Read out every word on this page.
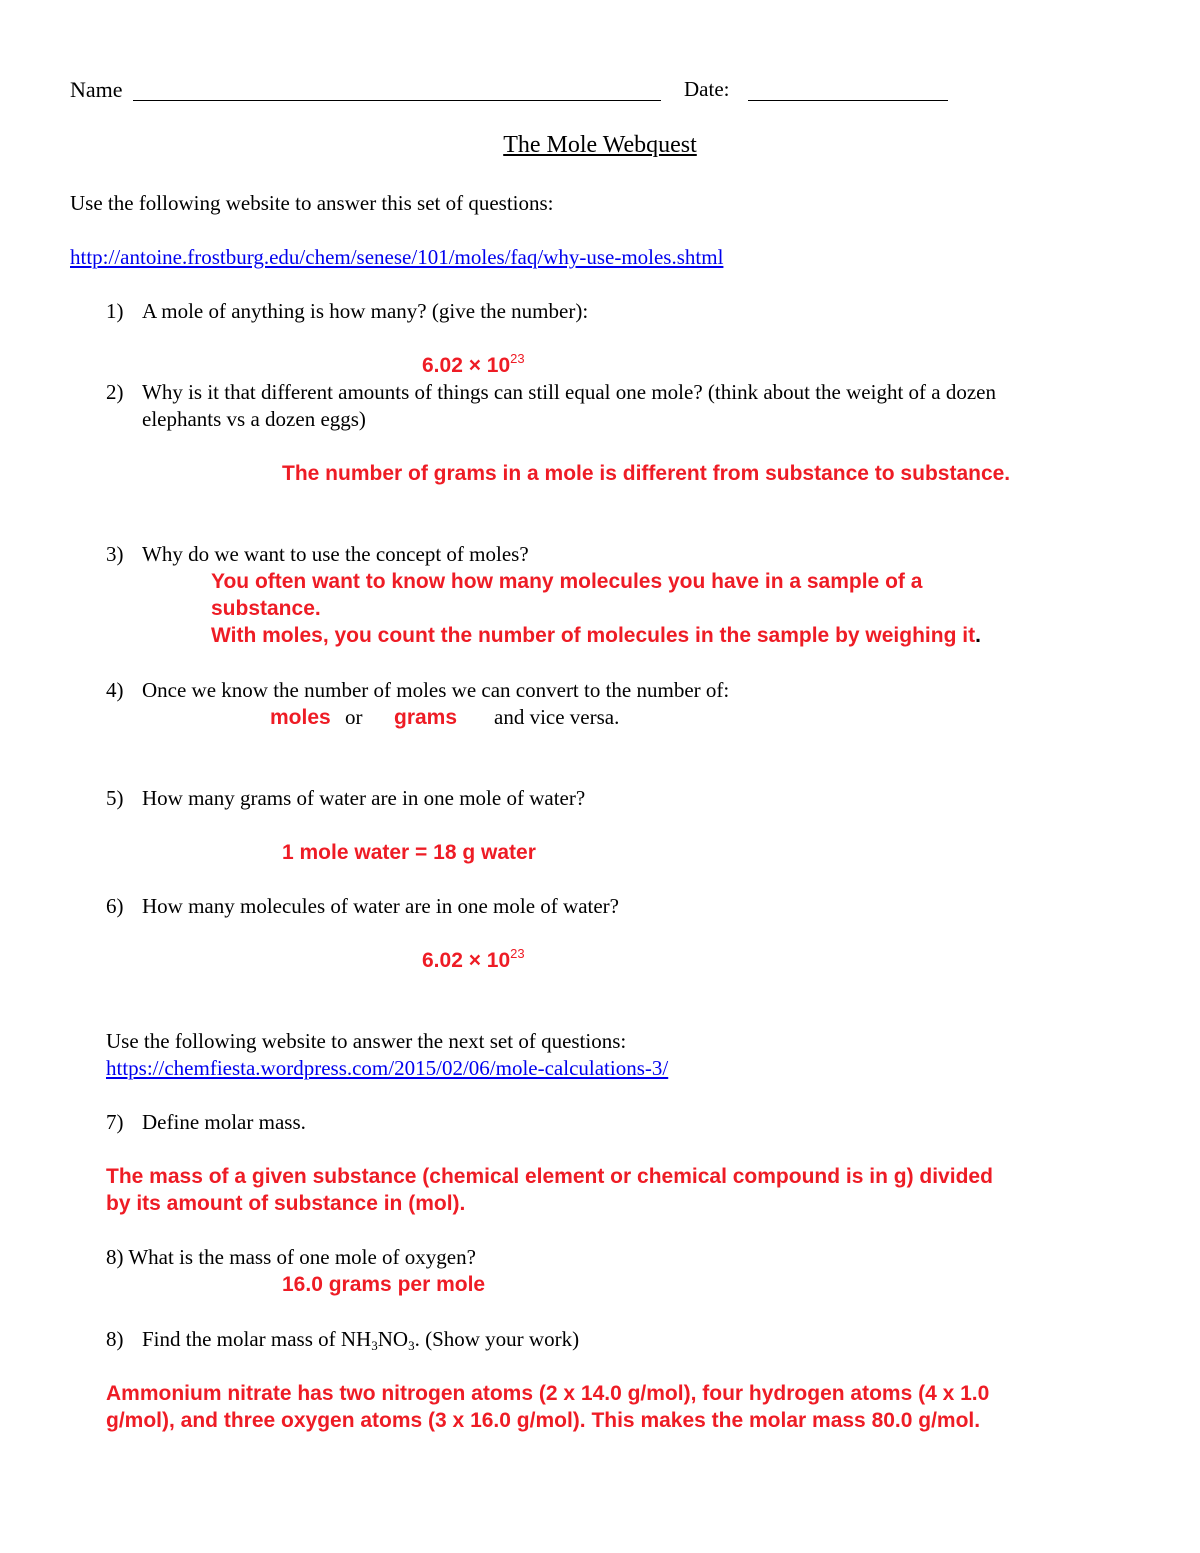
Name	Date:
The Mole Webquest
Use the following website to answer this set of questions:
http://antoine.frostburg.edu/chem/senese/101/moles/faq/why-use-moles.shtml
1) A mole of anything is how many? (give the number):
$6.02 \times 10^{23}$
2) Why is it that different amounts of things can still equal one mole? (think about the weight of a dozen
elephants vs a dozen eggs)
The number of grams in a mole is different from substance to substance.
3) Why do we want to use the concept of moles?
You often want to know how many molecules you have in a sample of a
substance.
With moles, you count the number of molecules in the sample by weighing it.
4) Once we know the number of moles we can convert to the number of:
moles or grams and vice versa.
5) How many grams of water are in one mole of water?
1 mole water = 18 g water
6) How many molecules of water are in one mole of water?
$6.02 \times 10^{23}$
Use the following website to answer the next set of questions:
https://chemfiesta.wordpress.com/2015/02/06/mole-calculations-3/
7) Define molar mass.
The mass of a given substance (chemical element or chemical compound is in g) divided
by its amount of substance in (mol).
8) What is the mass of one mole of oxygen?
16.0 grams per mole
8) Find the molar mass of $NH_3NO_3$. (Show your work)
Ammonium nitrate has two nitrogen atoms (2 x 14.0 g/mol), four hydrogen atoms (4 x 1.0
g/mol), and three oxygen atoms (3 x 16.0 g/mol). This makes the molar mass 80.0 g/mol.
